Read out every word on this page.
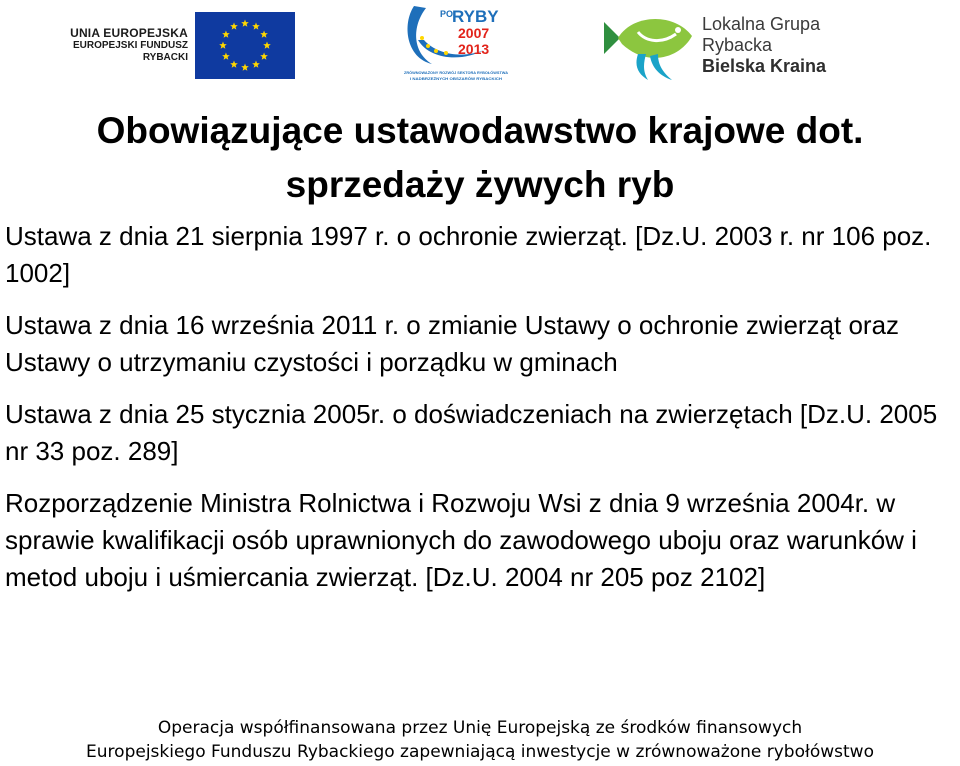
UNIA EUROPEJSKA
EUROPEJSKI FUNDUSZ
RYBACKI
PO
RYBY
2007
2013
ZRÓWNOWAŻONY ROZWÓJ SEKTORA RYBOŁÓWSTWA
I NADBRZEŻNYCH OBSZARÓW RYBACKICH
Lokalna Grupa
Rybacka
Bielska Kraina
Obowiązujące ustawodawstwo krajowe dot.
sprzedaży żywych ryb

Ustawa z dnia 21 sierpnia 1997 r. o ochronie zwierząt. [Dz.U. 2003 r. nr 106 poz. 1002]

Ustawa z dnia 16 września 2011 r. o zmianie Ustawy o ochronie zwierząt oraz Ustawy o utrzymaniu czystości i porządku w gminach

Ustawa z dnia 25 stycznia 2005r. o doświadczeniach na zwierzętach [Dz.U. 2005 nr 33 poz. 289]

Rozporządzenie Ministra Rolnictwa i Rozwoju Wsi z dnia 9 września 2004r. w sprawie kwalifikacji osób uprawnionych do zawodowego uboju oraz warunków i metod uboju i uśmiercania zwierząt. [Dz.U. 2004 nr 205 poz 2102]

Operacja współfinansowana przez Unię Europejską ze środków finansowych
Europejskiego Funduszu Rybackiego zapewniającą inwestycje w zrównoważone rybołówstwo
